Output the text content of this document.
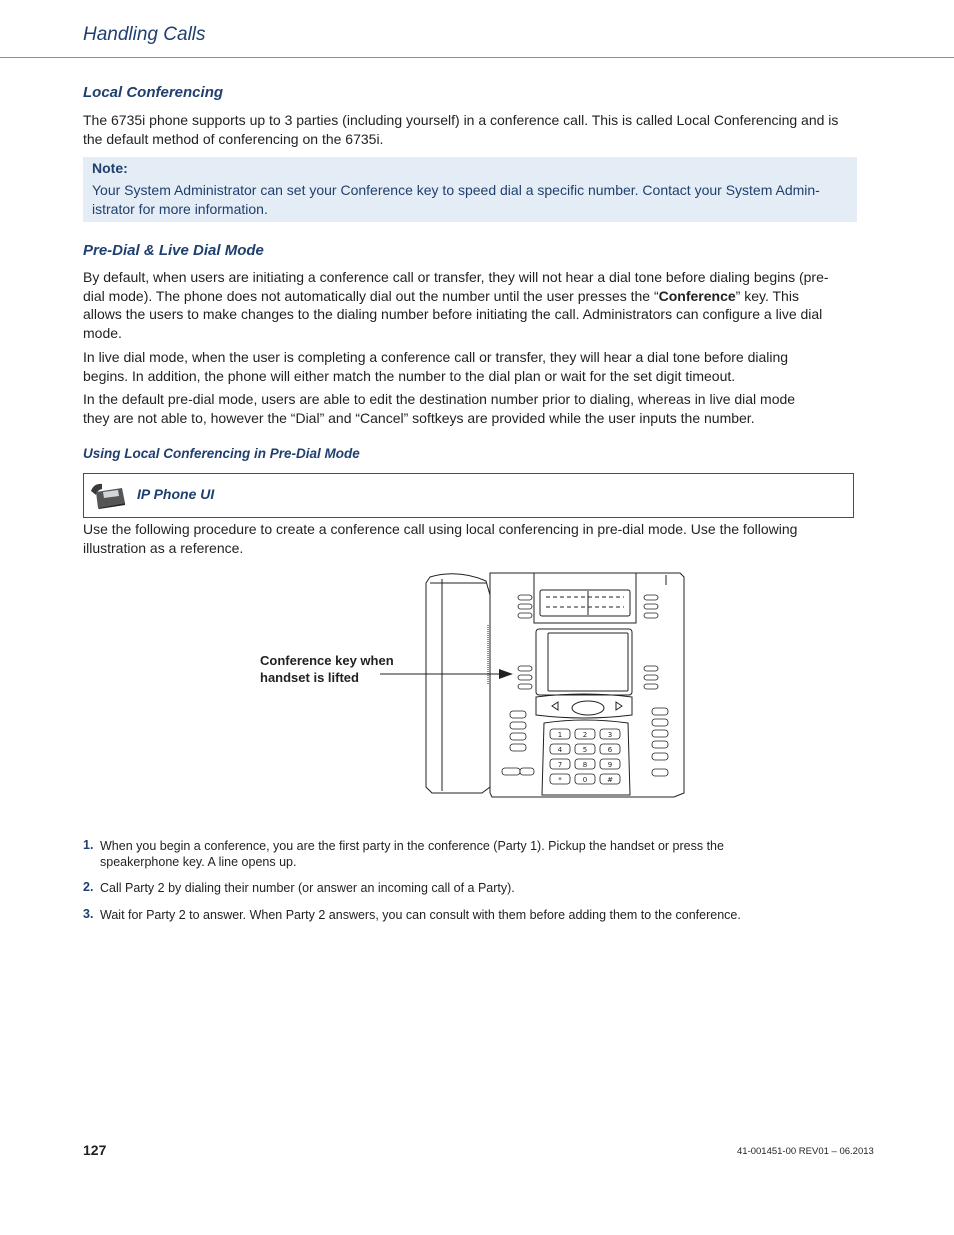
Handling Calls
Local Conferencing
The 6735i phone supports up to 3 parties (including yourself) in a conference call. This is called Local Conferencing and is
the default method of conferencing on the 6735i.
Note:
Your System Administrator can set your Conference key to speed dial a specific number. Contact your System Admin-
istrator for more information.
Pre-Dial & Live Dial Mode
By default, when users are initiating a conference call or transfer, they will not hear a dial tone before dialing begins (pre-
dial mode). The phone does not automatically dial out the number until the user presses the “Conference” key. This
allows the users to make changes to the dialing number before initiating the call. Administrators can configure a live dial
mode.
In live dial mode, when the user is completing a conference call or transfer, they will hear a dial tone before dialing
begins. In addition, the phone will either match the number to the dial plan or wait for the set digit timeout.
In the default pre-dial mode, users are able to edit the destination number prior to dialing, whereas in live dial mode
they are not able to, however the “Dial” and “Cancel” softkeys are provided while the user inputs the number.
Using Local Conferencing in Pre-Dial Mode
IP Phone UI
Use the following procedure to create a conference call using local conferencing in pre-dial mode. Use the following
illustration as a reference.
Conference key when
handset is lifted
1	2	3
4	5	6
7	8	9
*	0	#
1. When you begin a conference, you are the first party in the conference (Party 1). Pickup the handset or press the
speakerphone key. A line opens up.
2. Call Party 2 by dialing their number (or answer an incoming call of a Party).
3. Wait for Party 2 to answer. When Party 2 answers, you can consult with them before adding them to the conference.
127	41-001451-00 REV01 – 06.2013
